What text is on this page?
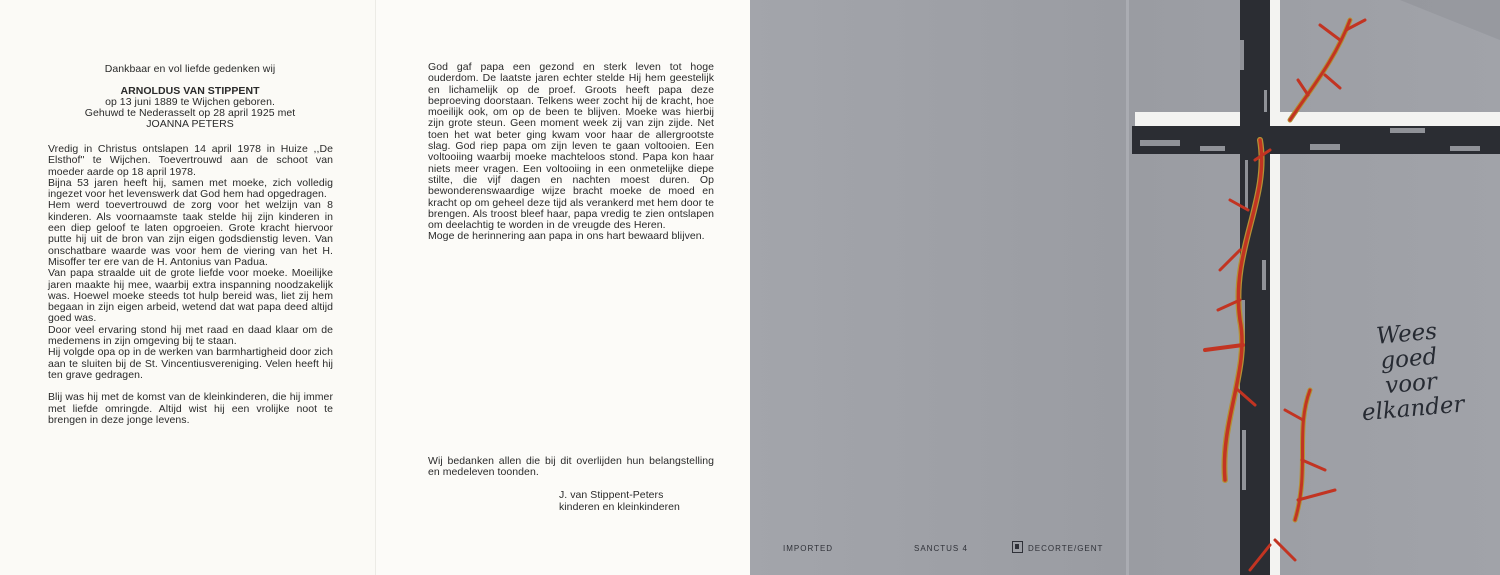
Dankbaar en vol liefde gedenken wij
ARNOLDUS VAN STIPPENT
op 13 juni 1889 te Wijchen geboren.
Gehuwd te Nederasselt op 28 april 1925 met
JOANNA PETERS

Vredig in Christus ontslapen 14 april 1978 in Huize ,,De Elsthof'' te Wijchen. Toevertrouwd aan de schoot van moeder aarde op 18 april 1978.

Bijna 53 jaren heeft hij, samen met moeke, zich volledig ingezet voor het levenswerk dat God hem had opgedragen.

Hem werd toevertrouwd de zorg voor het welzijn van 8 kinderen. Als voornaamste taak stelde hij zijn kinderen in een diep geloof te laten opgroeien. Grote kracht hiervoor putte hij uit de bron van zijn eigen godsdienstig leven. Van onschatbare waarde was voor hem de viering van het H. Misoffer ter ere van de H. Antonius van Padua.

Van papa straalde uit de grote liefde voor moeke. Moeilijke jaren maakte hij mee, waarbij extra inspanning noodzakelijk was. Hoewel moeke steeds tot hulp bereid was, liet zij hem begaan in zijn eigen arbeid, wetend dat wat papa deed altijd goed was.

Door veel ervaring stond hij met raad en daad klaar om de medemens in zijn omgeving bij te staan.

Hij volgde opa op in de werken van barmhartigheid door zich aan te sluiten bij de St. Vincentiusvereniging. Velen heeft hij ten grave gedragen.

Blij was hij met de komst van de kleinkinderen, die hij immer met liefde omringde. Altijd wist hij een vrolijke noot te brengen in deze jonge levens.

God gaf papa een gezond en sterk leven tot hoge ouderdom. De laatste jaren echter stelde Hij hem geestelijk en lichamelijk op de proef. Groots heeft papa deze beproeving doorstaan. Telkens weer zocht hij de kracht, hoe moeilijk ook, om op de been te blijven. Moeke was hierbij zijn grote steun. Geen moment week zij van zijn zijde. Net toen het wat beter ging kwam voor haar de allergrootste slag. God riep papa om zijn leven te gaan voltooien. Een voltooiing waarbij moeke machteloos stond. Papa kon haar niets meer vragen. Een voltooiing in een onmetelijke diepe stilte, die vijf dagen en nachten moest duren. Op bewonderenswaardige wijze bracht moeke de moed en kracht op om geheel deze tijd als verankerd met hem door te brengen. Als troost bleef haar, papa vredig te zien ontslapen om deelachtig te worden in de vreugde des Heren.

Moge de herinnering aan papa in ons hart bewaard blijven.

Wij bedanken allen die bij dit overlijden hun belangstelling en medeleven toonden.
J. van Stippent-Peters
kinderen en kleinkinderen
Wees
goed
voor
elkander
IMPORTED	SANCTUS 4	DECORTE/GENT
